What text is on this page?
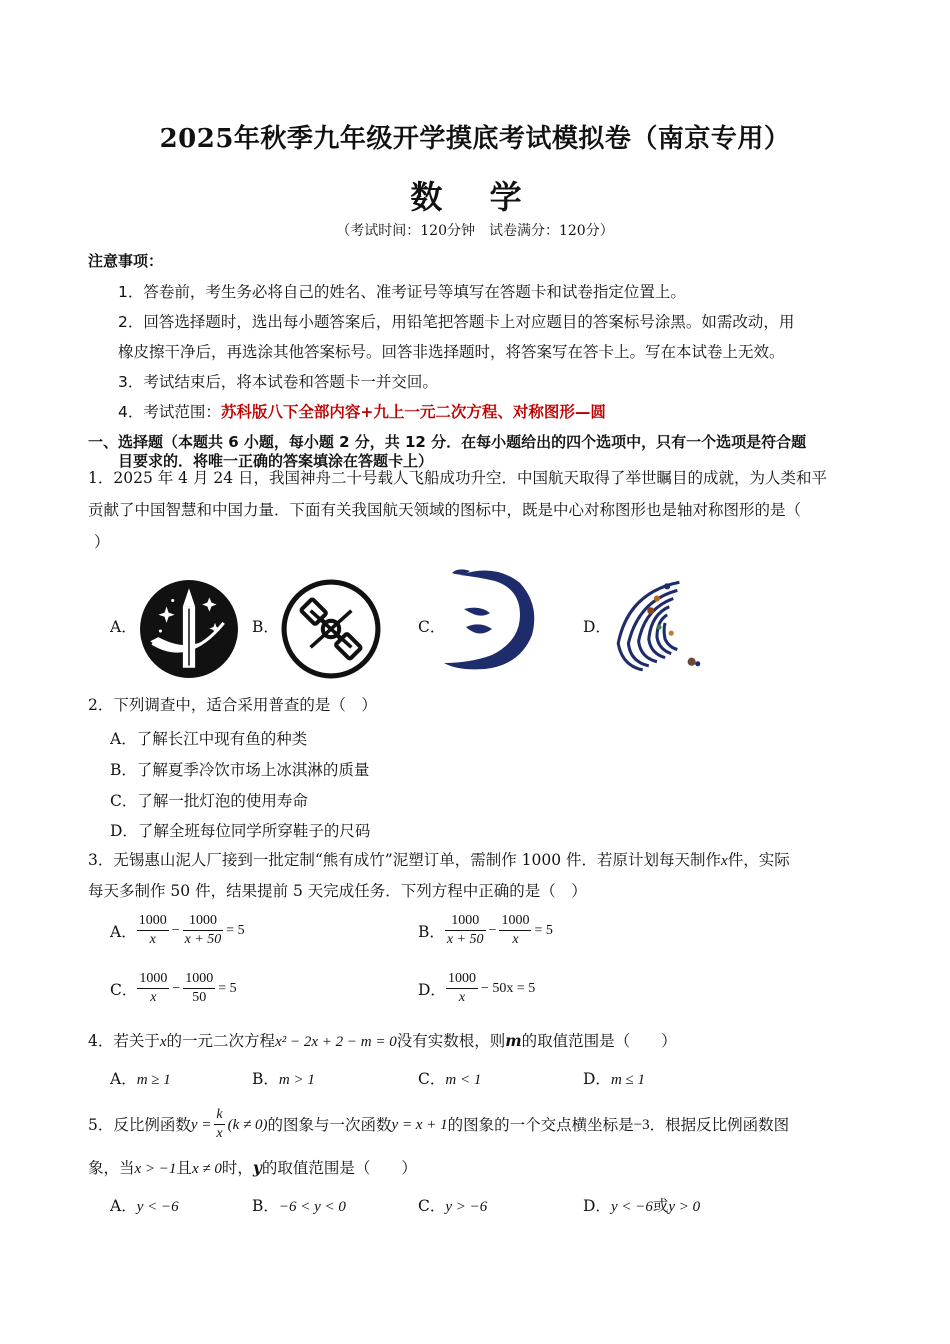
2025年秋季九年级开学摸底考试模拟卷（南京专用）
数 学
（考试时间：120分钟　试卷满分：120分）
注意事项：
1．答卷前，考生务必将自己的姓名、准考证号等填写在答题卡和试卷指定位置上。
2．回答选择题时，选出每小题答案后，用铅笔把答题卡上对应题目的答案标号涂黑。如需改动，用
橡皮擦干净后，再选涂其他答案标号。回答非选择题时，将答案写在答卡上。写在本试卷上无效。
3．考试结束后，将本试卷和答题卡一并交回。
4．考试范围：苏科版八下全部内容+九上一元二次方程、对称图形—圆
一、选择题（本题共 6 小题，每小题 2 分，共 12 分．在每小题给出的四个选项中，只有一个选项是符合题
目要求的．将唯一正确的答案填涂在答题卡上）
1．2025 年 4 月 24 日，我国神舟二十号载人飞船成功升空．中国航天取得了举世瞩目的成就，为人类和平
贡献了中国智慧和中国力量．下面有关我国航天领域的图标中，既是中心对称图形也是轴对称图形的是（
）
A．	B．	C．	D．
2．下列调查中，适合采用普查的是（　）
A．了解长江中现有鱼的种类
B．了解夏季冷饮市场上冰淇淋的质量
C．了解一批灯泡的使用寿命
D．了解全班每位同学所穿鞋子的尺码
3．无锡惠山泥人厂接到一批定制“熊有成竹”泥塑订单，需制作 1000 件．若原计划每天制作x件，实际
每天多制作 50 件，结果提前 5 天完成任务．下列方程中正确的是（　）
A． $\frac{1000}{x} - \frac{1000}{x + 50} = 5$	B． $\frac{1000}{x + 50} - \frac{1000}{x} = 5$
C． $\frac{1000}{x} - \frac{1000}{50} = 5$	D． $\frac{1000}{x} - 50x = 5$
4．若关于x的一元二次方程x² − 2x + 2 − m = 0没有实数根，则m的取值范围是（　　）
A．m ≥ 1	B．m > 1	C．m < 1	D．m ≤ 1
5．反比例函数 $y = \frac{k}{x} (k \ne 0)$ 的图象与一次函数 y = x + 1 的图象的一个交点横坐标是 −3 ．根据反比例函数图
象，当x > −1且x ≠ 0时，y的取值范围是（　　）
A．y < −6	B．−6 < y < 0	C．y > −6	D．y < −6或y > 0
